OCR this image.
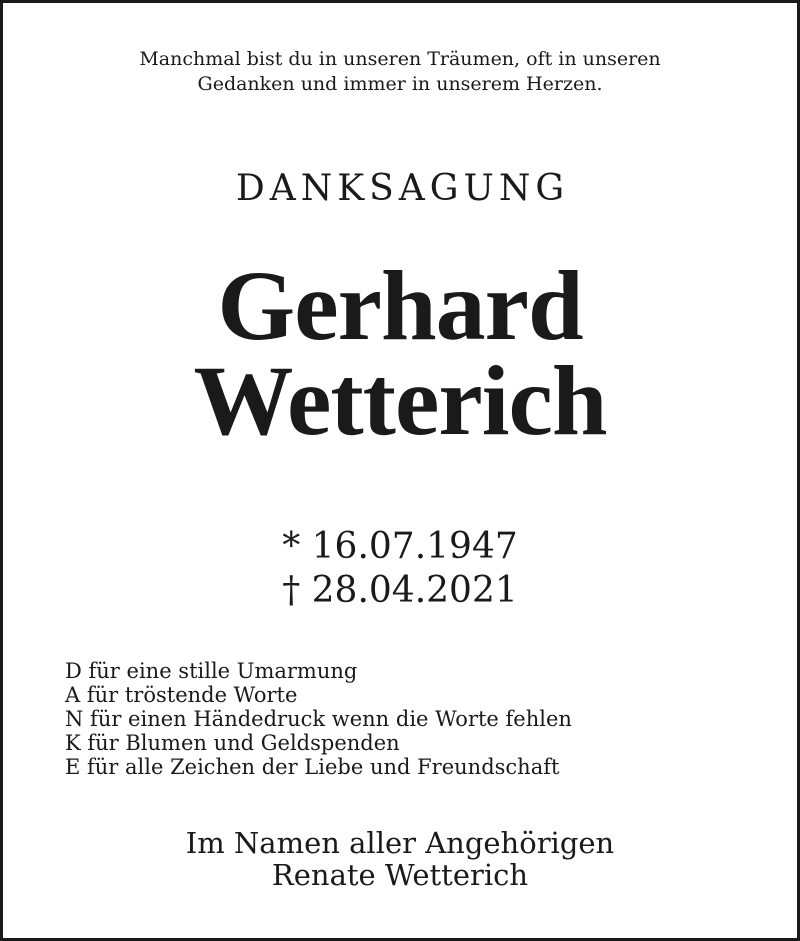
Manchmal bist du in unseren Träumen, oft in unseren
Gedanken und immer in unserem Herzen.
DANKSAGUNG
Gerhard
Wetterich
* 16.07.1947
† 28.04.2021
D für eine stille Umarmung
A für tröstende Worte
N für einen Händedruck wenn die Worte fehlen
K für Blumen und Geldspenden
E für alle Zeichen der Liebe und Freundschaft
Im Namen aller Angehörigen
Renate Wetterich
